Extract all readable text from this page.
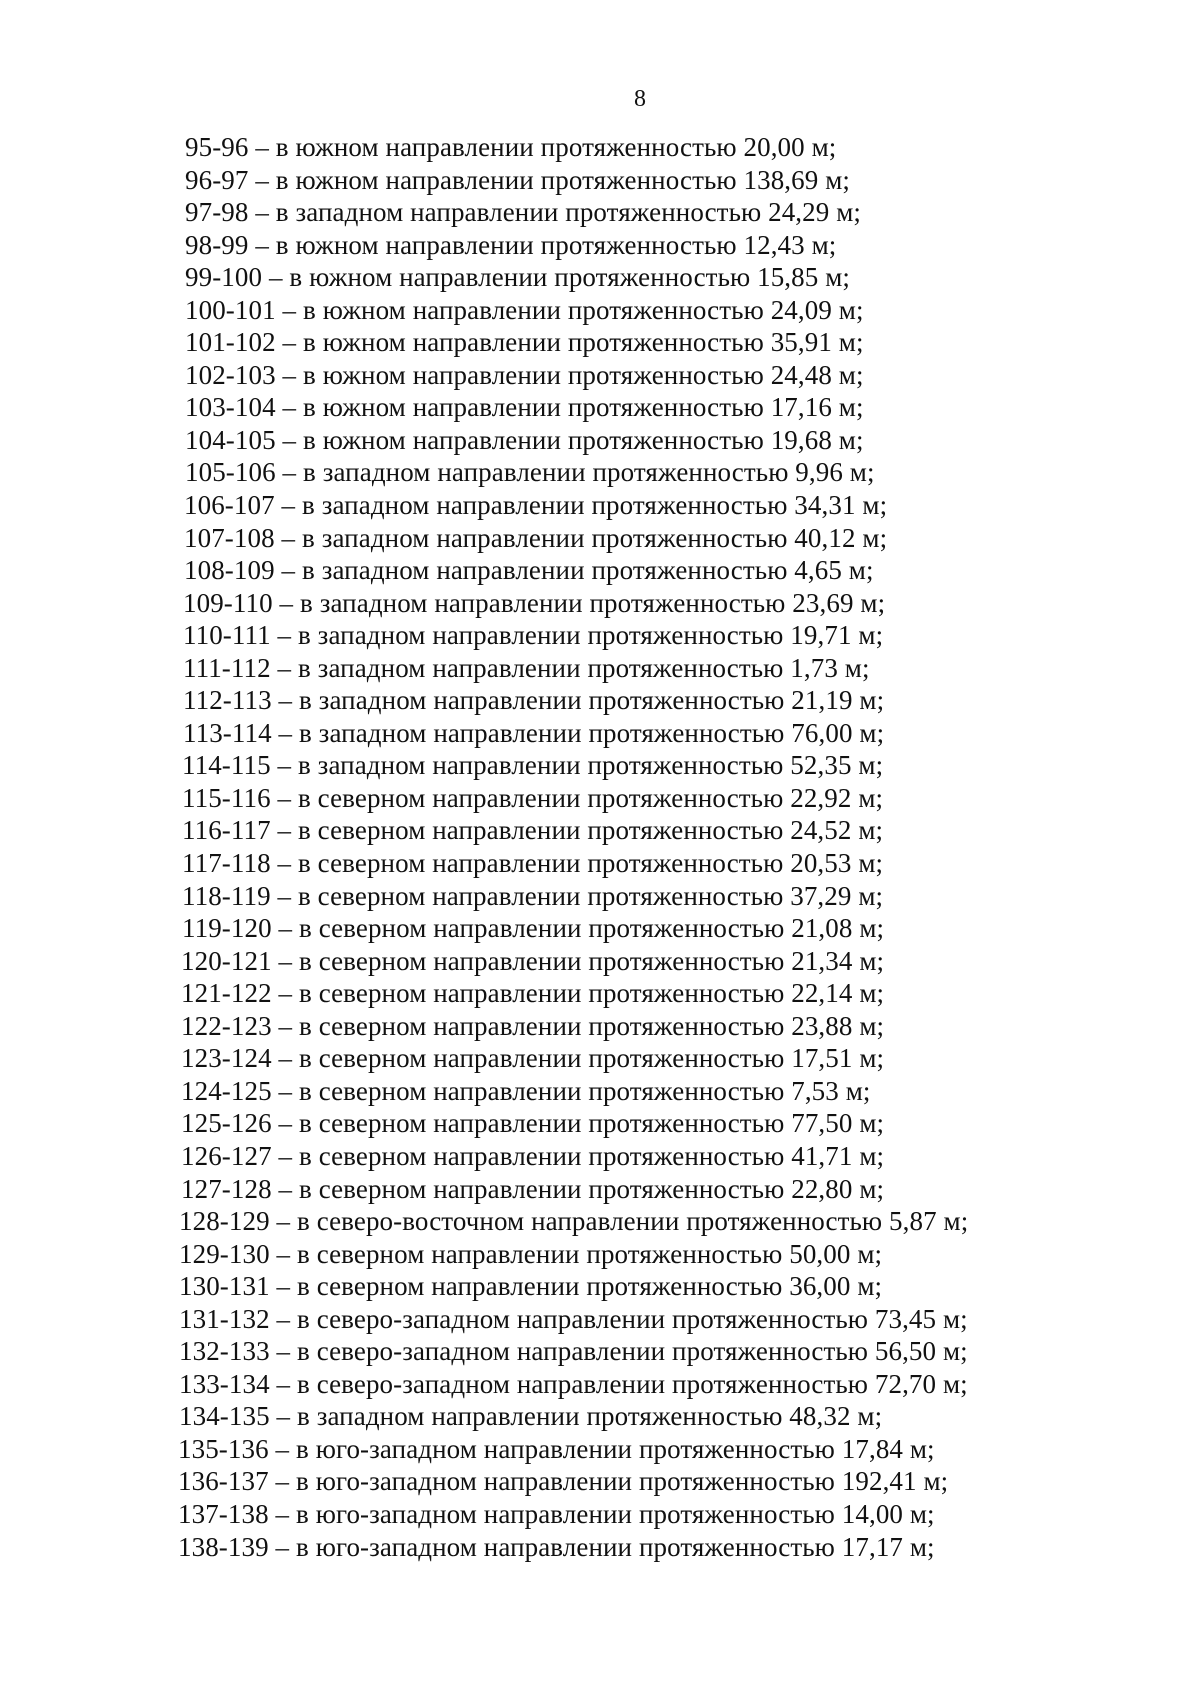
8
95-96 – в южном направлении протяженностью 20,00 м;
96-97 – в южном направлении протяженностью 138,69 м;
97-98 – в западном направлении протяженностью 24,29 м;
98-99 – в южном направлении протяженностью 12,43 м;
99-100 – в южном направлении протяженностью 15,85 м;
100-101 – в южном направлении протяженностью 24,09 м;
101-102 – в южном направлении протяженностью 35,91 м;
102-103 – в южном направлении протяженностью 24,48 м;
103-104 – в южном направлении протяженностью 17,16 м;
104-105 – в южном направлении протяженностью 19,68 м;
105-106 – в западном направлении протяженностью 9,96 м;
106-107 – в западном направлении протяженностью 34,31 м;
107-108 – в западном направлении протяженностью 40,12 м;
108-109 – в западном направлении протяженностью 4,65 м;
109-110 – в западном направлении протяженностью 23,69 м;
110-111 – в западном направлении протяженностью 19,71 м;
111-112 – в западном направлении протяженностью 1,73 м;
112-113 – в западном направлении протяженностью 21,19 м;
113-114 – в западном направлении протяженностью 76,00 м;
114-115 – в западном направлении протяженностью 52,35 м;
115-116 – в северном направлении протяженностью 22,92 м;
116-117 – в северном направлении протяженностью 24,52 м;
117-118 – в северном направлении протяженностью 20,53 м;
118-119 – в северном направлении протяженностью 37,29 м;
119-120 – в северном направлении протяженностью 21,08 м;
120-121 – в северном направлении протяженностью 21,34 м;
121-122 – в северном направлении протяженностью 22,14 м;
122-123 – в северном направлении протяженностью 23,88 м;
123-124 – в северном направлении протяженностью 17,51 м;
124-125 – в северном направлении протяженностью 7,53 м;
125-126 – в северном направлении протяженностью 77,50 м;
126-127 – в северном направлении протяженностью 41,71 м;
127-128 – в северном направлении протяженностью 22,80 м;
128-129 – в северо-восточном направлении протяженностью 5,87 м;
129-130 – в северном направлении протяженностью 50,00 м;
130-131 – в северном направлении протяженностью 36,00 м;
131-132 – в северо-западном направлении протяженностью 73,45 м;
132-133 – в северо-западном направлении протяженностью 56,50 м;
133-134 – в северо-западном направлении протяженностью 72,70 м;
134-135 – в западном направлении протяженностью 48,32 м;
135-136 – в юго-западном направлении протяженностью 17,84 м;
136-137 – в юго-западном направлении протяженностью 192,41 м;
137-138 – в юго-западном направлении протяженностью 14,00 м;
138-139 – в юго-западном направлении протяженностью 17,17 м;
